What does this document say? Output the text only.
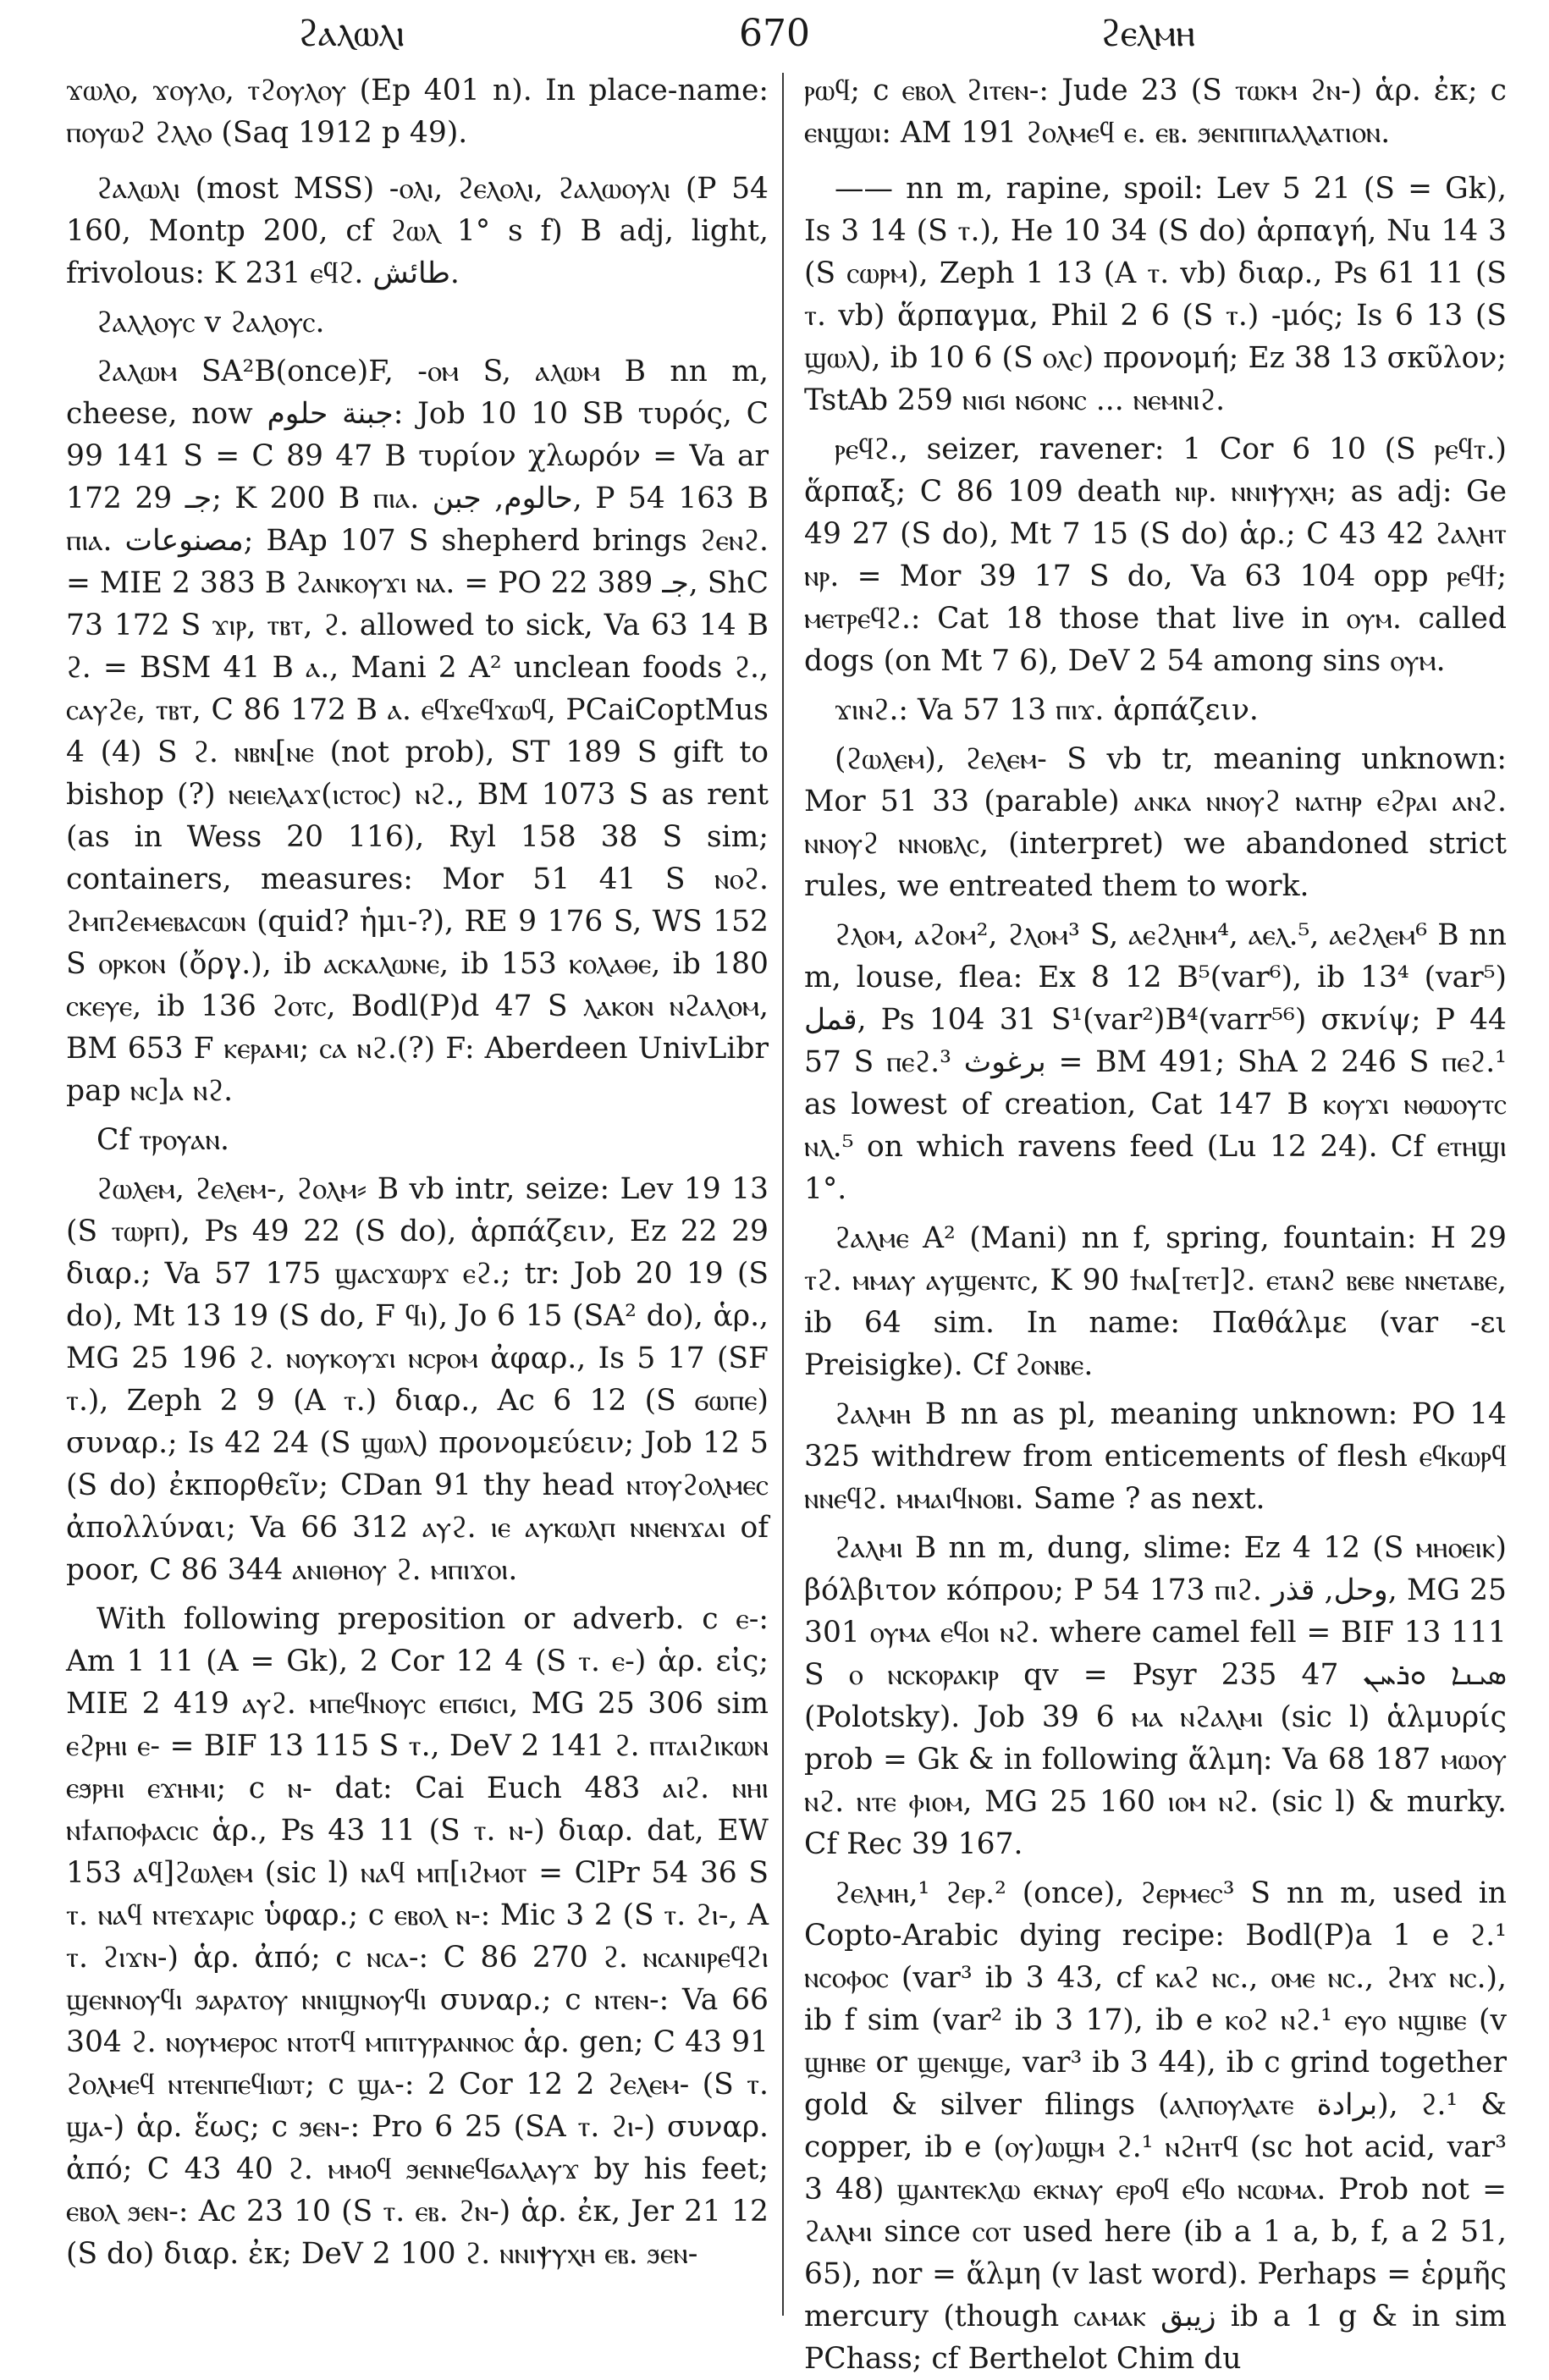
ϩⲁⲗⲱⲗⲓ	670	ϩⲉⲗⲙⲏ

ϫⲱⲗⲟ, ϫⲟⲩⲗⲟ, ⲧϩⲟⲩⲗⲟⲩ (Ep 401 n). In place-name: ⲡⲟⲩⲱϩ ϩⲗⲗⲟ (Saq 1912 p 49).

ϩⲁⲗⲱⲗⲓ (most MSS) -ⲟⲗⲓ, ϩⲉⲗⲟⲗⲓ, ϩⲁⲗⲱⲟⲩⲗⲓ (P 54 160, Montp 200, cf ϩⲱⲗ 1° s f) B adj, light, frivolous: K 231 ⲉϥϩ. طائش.

ϩⲁⲗⲗⲟⲩⲥ v ϩⲁⲗⲟⲩⲥ.

ϩⲁⲗⲱⲙ SA²B(once)F, -ⲟⲙ S, ⲁⲗⲱⲙ B nn m, cheese, now جبنة حلوم: Job 10 10 SB τυρός, C 99 141 S = C 89 47 B τυρίον χλωρόν = Va ar 172 29 جـ; K 200 B ⲡⲓⲁ. حالوم, جبن, P 54 163 B ⲡⲓⲁ. مصنوعات; BAp 107 S shepherd brings ϩⲉⲛϩ. = MIE 2 383 B ϩⲁⲛⲕⲟⲩϫⲓ ⲛⲁ. = PO 22 389 جـ, ShC 73 172 S ϫⲓⲣ, ⲧⲃⲧ, ϩ. allowed to sick, Va 63 14 B ϩ. = BSM 41 B ⲁ., Mani 2 A² unclean foods ϩ., ⲥⲁⲩϩⲉ, ⲧⲃⲧ, C 86 172 B ⲁ. ⲉϥϫⲉϥϫⲱϥ, PCaiCoptMus 4 (4) S ϩ. ⲛⲃⲛ[ⲛⲉ (not prob), ST 189 S gift to bishop (?) ⲛⲉⲓⲉⲗⲁϫ(ⲓⲥⲧⲟⲥ) ⲛϩ., BM 1073 S as rent (as in Wess 20 116), Ryl 158 38 S sim; containers, measures: Mor 51 41 S ⲛⲟϩ. ϩⲙⲡϩⲉⲙⲉⲃⲁⲥⲱⲛ (quid? ἡμι-?), RE 9 176 S, WS 152 S ⲟⲣⲕⲟⲛ (ὄργ.), ib ⲁⲥⲕⲁⲗⲱⲛⲉ, ib 153 ⲕⲟⲗⲁⲑⲉ, ib 180 ⲥⲕⲉⲩⲉ, ib 136 ϩⲟⲧⲥ, Bodl(P)d 47 S ⲗⲁⲕⲟⲛ ⲛϩⲁⲗⲟⲙ, BM 653 F ⲕⲉⲣⲁⲙⲓ; ⲥⲁ ⲛϩ.(?) F: Aberdeen UnivLibr pap ⲛⲥ]ⲁ ⲛϩ.

Cf ⲧⲣⲟⲩⲁⲛ.

ϩⲱⲗⲉⲙ, ϩⲉⲗⲉⲙ-, ϩⲟⲗⲙ⸗ B vb intr, seize: Lev 19 13 (S ⲧⲱⲣⲡ), Ps 49 22 (S do), ἁρπάζειν, Ez 22 29 διαρ.; Va 57 175 ϣⲁⲥϫⲱⲣϫ ⲉϩ.; tr: Job 20 19 (S do), Mt 13 19 (S do, F ϥⲓ), Jo 6 15 (SA² do), ἁρ., MG 25 196 ϩ. ⲛⲟⲩⲕⲟⲩϫⲓ ⲛⲥⲣⲟⲙ ἀφαρ., Is 5 17 (SF ⲧ.), Zeph 2 9 (A ⲧ.) διαρ., Ac 6 12 (S ϭⲱⲡⲉ) συναρ.; Is 42 24 (S ϣⲱⲗ) προνομεύειν; Job 12 5 (S do) ἐκπορθεῖν; CDan 91 thy head ⲛⲧⲟⲩϩⲟⲗⲙⲉⲥ ἀπολλύναι; Va 66 312 ⲁⲩϩ. ⲓⲉ ⲁⲩⲕⲱⲗⲡ ⲛⲛⲉⲛϫⲁⲓ of poor, C 86 344 ⲁⲛⲓⲑⲏⲟⲩ ϩ. ⲙⲡⲓϫⲟⲓ.

With following preposition or adverb. c ⲉ-: Am 1 11 (A = Gk), 2 Cor 12 4 (S ⲧ. ⲉ-) ἁρ. εἰς; MIE 2 419 ⲁⲩϩ. ⲙⲡⲉϥⲛⲟⲩⲥ ⲉⲡϭⲓⲥⲓ, MG 25 306 sim ⲉϩⲣⲏⲓ ⲉ- = BIF 13 115 S ⲧ., DeV 2 141 ϩ. ⲡⲧⲁⲓϩⲓⲕⲱⲛ ⲉϧⲣⲏⲓ ⲉϫⲏⲙⲓ; c ⲛ- dat: Cai Euch 483 ⲁⲓϩ. ⲛⲏⲓ ⲛϯⲁⲡⲟⲫⲁⲥⲓⲥ ἁρ., Ps 43 11 (S ⲧ. ⲛ-) διαρ. dat, EW 153 ⲁϥ]ϩⲱⲗⲉⲙ (sic l) ⲛⲁϥ ⲙⲡ[ⲓϩⲙⲟⲧ = ClPr 54 36 S ⲧ. ⲛⲁϥ ⲛⲧⲉϫⲁⲣⲓⲥ ὑφαρ.; c ⲉⲃⲟⲗ ⲛ-: Mic 3 2 (S ⲧ. ϩⲓ-, A ⲧ. ϩⲓϫⲛ-) ἁρ. ἀπό; c ⲛⲥⲁ-: C 86 270 ϩ. ⲛⲥⲁⲛⲓⲣⲉϥϩⲓ ϣⲉⲛⲛⲟⲩϥⲓ ϧⲁⲣⲁⲧⲟⲩ ⲛⲛⲓϣⲛⲟⲩϥⲓ συναρ.; c ⲛⲧⲉⲛ-: Va 66 304 ϩ. ⲛⲟⲩⲙⲉⲣⲟⲥ ⲛⲧⲟⲧϥ ⲙⲡⲓⲧⲩⲣⲁⲛⲛⲟⲥ ἁρ. gen; C 43 91 ϩⲟⲗⲙⲉϥ ⲛⲧⲉⲛⲡⲉϥⲓⲱⲧ; c ϣⲁ-: 2 Cor 12 2 ϩⲉⲗⲉⲙ- (S ⲧ. ϣⲁ-) ἁρ. ἕως; c ϧⲉⲛ-: Pro 6 25 (SA ⲧ. ϩⲓ-) συναρ. ἀπό; C 43 40 ϩ. ⲙⲙⲟϥ ϧⲉⲛⲛⲉϥϭⲁⲗⲁⲩϫ by his feet; ⲉⲃⲟⲗ ϧⲉⲛ-: Ac 23 10 (S ⲧ. ⲉⲃ. ϩⲛ-) ἁρ. ἐκ, Jer 21 12 (S do) διαρ. ἐκ; DeV 2 100 ϩ. ⲛⲛⲓⲯⲩⲭⲏ ⲉⲃ. ϧⲉⲛ-

ⲣⲱϥ; c ⲉⲃⲟⲗ ϩⲓⲧⲉⲛ-: Jude 23 (S ⲧⲱⲕⲙ ϩⲛ-) ἁρ. ἐκ; c ⲉⲛϣⲱⲓ: AM 191 ϩⲟⲗⲙⲉϥ ⲉ. ⲉⲃ. ϧⲉⲛⲡⲓⲡⲁⲗⲗⲁⲧⲓⲟⲛ.

—— nn m, rapine, spoil: Lev 5 21 (S = Gk), Is 3 14 (S ⲧ.), He 10 34 (S do) ἁρπαγή, Nu 14 3 (S ⲥⲱⲣⲙ), Zeph 1 13 (A ⲧ. vb) διαρ., Ps 61 11 (S ⲧ. vb) ἅρπαγμα, Phil 2 6 (S ⲧ.) -μός; Is 6 13 (S ϣⲱⲗ), ib 10 6 (S ⲟⲗⲥ) προνομή; Ez 38 13 σκῦλον; TstAb 259 ⲛⲓϭⲓ ⲛϭⲟⲛⲥ ... ⲛⲉⲙⲛⲓϩ.

ⲣⲉϥϩ., seizer, ravener: 1 Cor 6 10 (S ⲣⲉϥⲧ.) ἅρπαξ; C 86 109 death ⲛⲓⲣ. ⲛⲛⲓⲯⲩⲭⲏ; as adj: Ge 49 27 (S do), Mt 7 15 (S do) ἁρ.; C 43 42 ϩⲁⲗⲏⲧ ⲛⲣ. = Mor 39 17 S do, Va 63 104 opp ⲣⲉϥϯ; ⲙⲉⲧⲣⲉϥϩ.: Cat 18 those that live in ⲟⲩⲙ. called dogs (on Mt 7 6), DeV 2 54 among sins ⲟⲩⲙ.

ϫⲓⲛϩ.: Va 57 13 ⲡⲓϫ. ἁρπάζειν.

(ϩⲱⲗⲉⲙ), ϩⲉⲗⲉⲙ- S vb tr, meaning unknown: Mor 51 33 (parable) ⲁⲛⲕⲁ ⲛⲛⲟⲩϩ ⲛⲁⲧⲏⲣ ⲉϩⲣⲁⲓ ⲁⲛϩ. ⲛⲛⲟⲩϩ ⲛⲛⲟⲃⲗⲥ, (interpret) we abandoned strict rules, we entreated them to work.

ϩⲗⲟⲙ, ⲁϩⲟⲙ², ϩⲗⲟⲙ³ S, ⲁⲉϩⲗⲏⲙ⁴, ⲁⲉⲗ.⁵, ⲁⲉϩⲗⲉⲙ⁶ B nn m, louse, flea: Ex 8 12 B⁵(var⁶), ib 13⁴ (var⁵) قمل, Ps 104 31 S¹(var²)B⁴(varr⁵⁶) σκνίψ; P 44 57 S ⲡⲉϩ.³ برغوث = BM 491; ShA 2 246 S ⲡⲉϩ.¹ as lowest of creation, Cat 147 B ⲕⲟⲩϫⲓ ⲛⲑⲱⲟⲩⲧⲥ ⲛⲗ.⁵ on which ravens feed (Lu 12 24). Cf ⲉⲧⲏϣⲓ 1°.

ϩⲁⲗⲙⲉ A² (Mani) nn f, spring, fountain: H 29 ⲧϩ. ⲙⲙⲁⲩ ⲁⲩϣⲉⲛⲧⲥ, K 90 ϯⲛⲁ[ⲧⲉⲧ]ϩ. ⲉⲧⲁⲛϩ ⲃⲉⲃⲉ ⲛⲛⲉⲧⲁⲃⲉ, ib 64 sim. In name: Παθάλμε (var -ει Preisigke). Cf ϩⲟⲛⲃⲉ.

ϩⲁⲗⲙⲏ B nn as pl, meaning unknown: PO 14 325 withdrew from enticements of flesh ⲉϥⲕⲱⲣϥ ⲛⲛⲉϥϩ. ⲙⲙⲁⲓϥⲛⲟⲃⲓ. Same ? as next.

ϩⲁⲗⲙⲓ B nn m, dung, slime: Ez 4 12 (S ⲙⲏⲟⲉⲓⲕ) βόλβιτον κόπρου; P 54 173 ⲡⲓϩ. وحل, قذر, MG 25 301 ⲟⲩⲙⲁ ⲉϥⲟⲓ ⲛϩ. where camel fell = BIF 13 111 S ⲟ ⲛⲥⲕⲟⲣⲁⲕⲓⲣ qv = Psyr 235 47 ܣܝܢܐ ܘܪܚܢ (Polotsky). Job 39 6 ⲙⲁ ⲛϩⲁⲗⲙⲓ (sic l) ἁλμυρίς prob = Gk & in following ἅλμη: Va 68 187 ⲙⲱⲟⲩ ⲛϩ. ⲛⲧⲉ ⲫⲓⲟⲙ, MG 25 160 ⲓⲟⲙ ⲛϩ. (sic l) & murky. Cf Rec 39 167.

ϩⲉⲗⲙⲏ,¹ ϩⲉⲣ.² (once), ϩⲉⲣⲙⲉⲥ³ S nn m, used in Copto-Arabic dying recipe: Bodl(P)a 1 e ϩ.¹ ⲛⲥⲟⲫⲟⲥ (var³ ib 3 43, cf ⲕⲁϩ ⲛⲥ., ⲟⲙⲉ ⲛⲥ., ϩⲙϫ ⲛⲥ.), ib f sim (var² ib 3 17), ib e ⲕⲟϩ ⲛϩ.¹ ⲉⲩⲟ ⲛϣⲓⲃⲉ (v ϣⲏⲃⲉ or ϣⲉⲛϣⲉ, var³ ib 3 44), ib c grind together gold & silver filings (ⲁⲗⲡⲟⲩⲗⲁⲧⲉ برادة), ϩ.¹ & copper, ib e (ⲟⲩ)ⲱϣⲙ ϩ.¹ ⲛϩⲏⲧϥ (sc hot acid, var³ 3 48) ϣⲁⲛⲧⲉⲕⲗⲱ ⲉⲕⲛⲁⲩ ⲉⲣⲟϥ ⲉϥⲟ ⲛⲥⲱⲙⲁ. Prob not = ϩⲁⲗⲙⲓ since ⲥⲟⲧ used here (ib a 1 a, b, f, a 2 51, 65), nor = ἅλμη (v last word). Perhaps = ἑρμῆς mercury (though ⲥⲁⲙⲁⲕ زيبق ib a 1 g & in sim PChass; cf Berthelot Chim du
